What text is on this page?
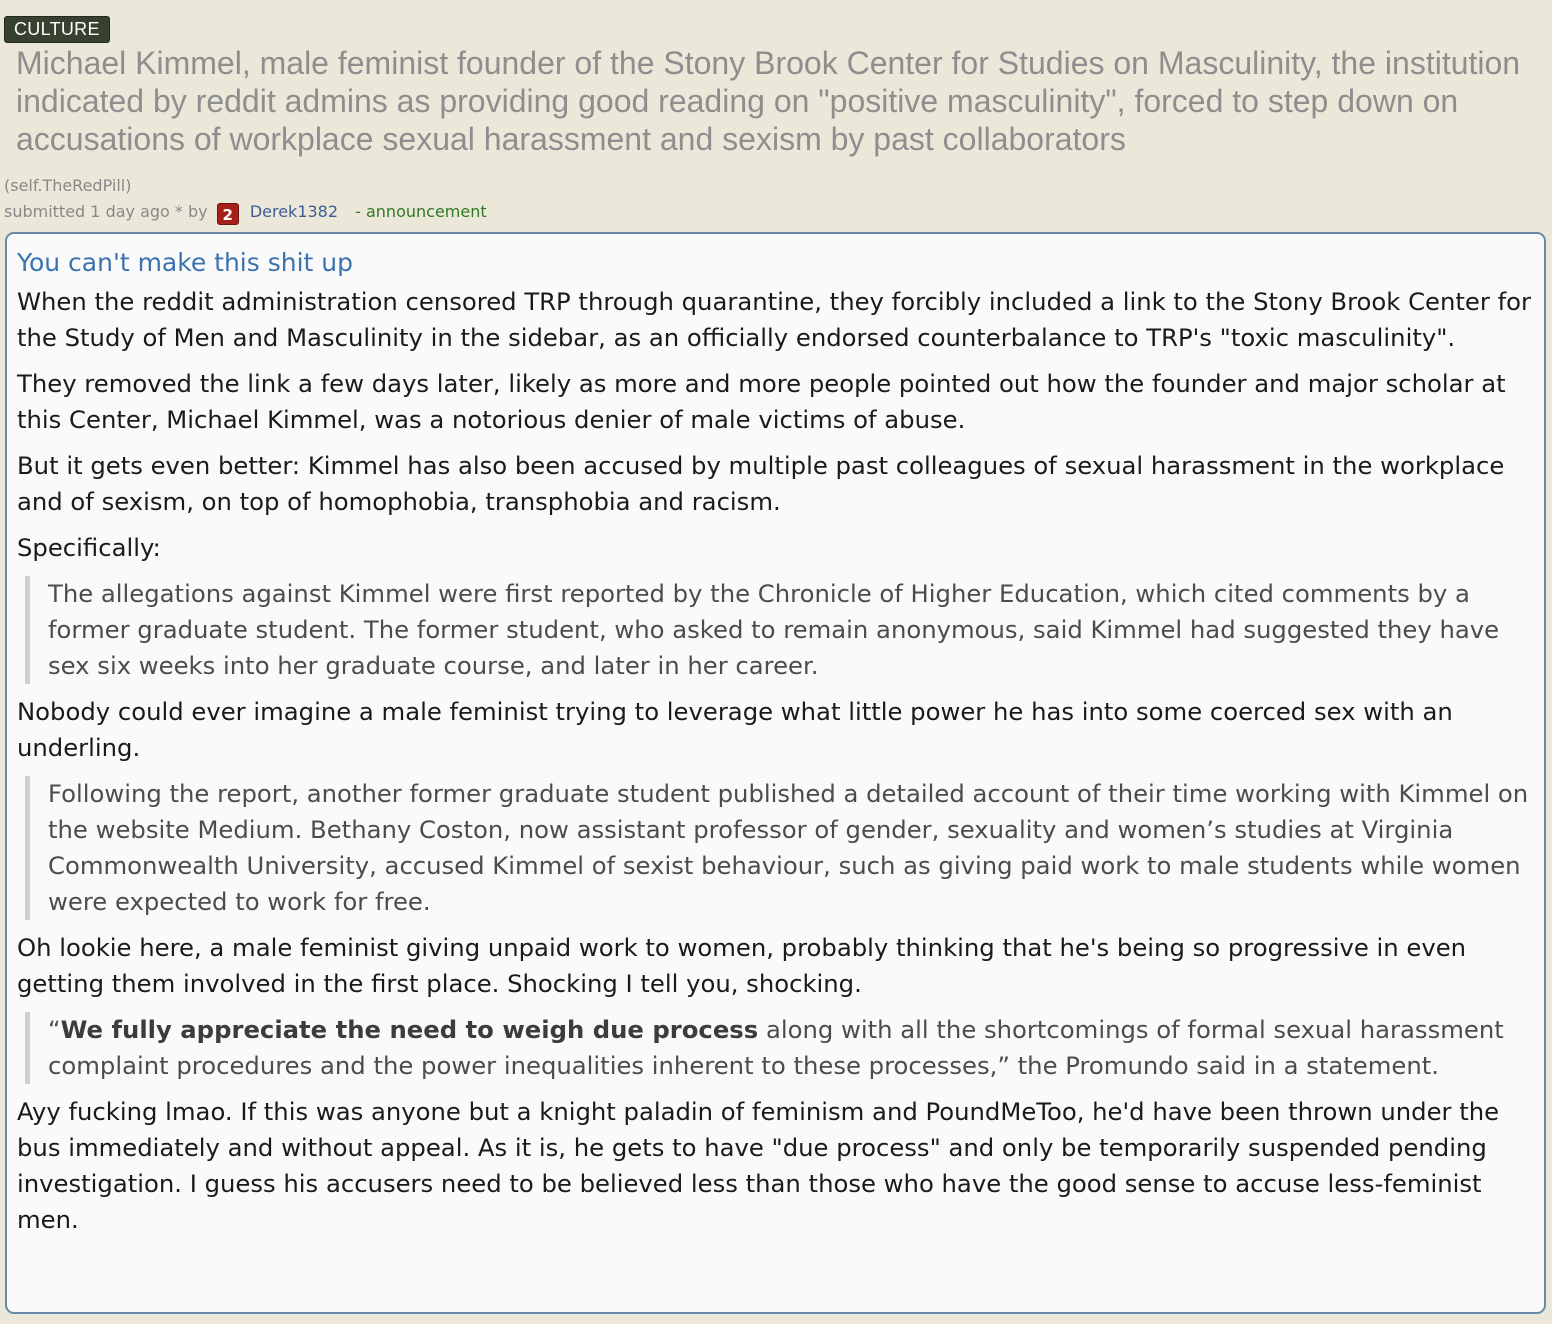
CULTURE
Michael Kimmel, male feminist founder of the Stony Brook Center for Studies on Masculinity, the institution indicated by reddit admins as providing good reading on "positive masculinity", forced to step down on accusations of workplace sexual harassment and sexism by past collaborators
(self.TheRedPill)
submitted 1 day ago * by 2 Derek1382 - announcement
You can't make this shit up

When the reddit administration censored TRP through quarantine, they forcibly included a link to the Stony Brook Center for the Study of Men and Masculinity in the sidebar, as an officially endorsed counterbalance to TRP's "toxic masculinity".

They removed the link a few days later, likely as more and more people pointed out how the founder and major scholar at this Center, Michael Kimmel, was a notorious denier of male victims of abuse.

But it gets even better: Kimmel has also been accused by multiple past colleagues of sexual harassment in the workplace and of sexism, on top of homophobia, transphobia and racism.

Specifically:

The allegations against Kimmel were first reported by the Chronicle of Higher Education, which cited comments by a former graduate student. The former student, who asked to remain anonymous, said Kimmel had suggested they have sex six weeks into her graduate course, and later in her career.

Nobody could ever imagine a male feminist trying to leverage what little power he has into some coerced sex with an underling.

Following the report, another former graduate student published a detailed account of their time working with Kimmel on the website Medium. Bethany Coston, now assistant professor of gender, sexuality and women’s studies at Virginia Commonwealth University, accused Kimmel of sexist behaviour, such as giving paid work to male students while women were expected to work for free.

Oh lookie here, a male feminist giving unpaid work to women, probably thinking that he's being so progressive in even getting them involved in the first place. Shocking I tell you, shocking.

“We fully appreciate the need to weigh due process along with all the shortcomings of formal sexual harassment complaint procedures and the power inequalities inherent to these processes,” the Promundo said in a statement.

Ayy fucking lmao. If this was anyone but a knight paladin of feminism and PoundMeToo, he'd have been thrown under the bus immediately and without appeal. As it is, he gets to have "due process" and only be temporarily suspended pending investigation. I guess his accusers need to be believed less than those who have the good sense to accuse less-feminist men.
